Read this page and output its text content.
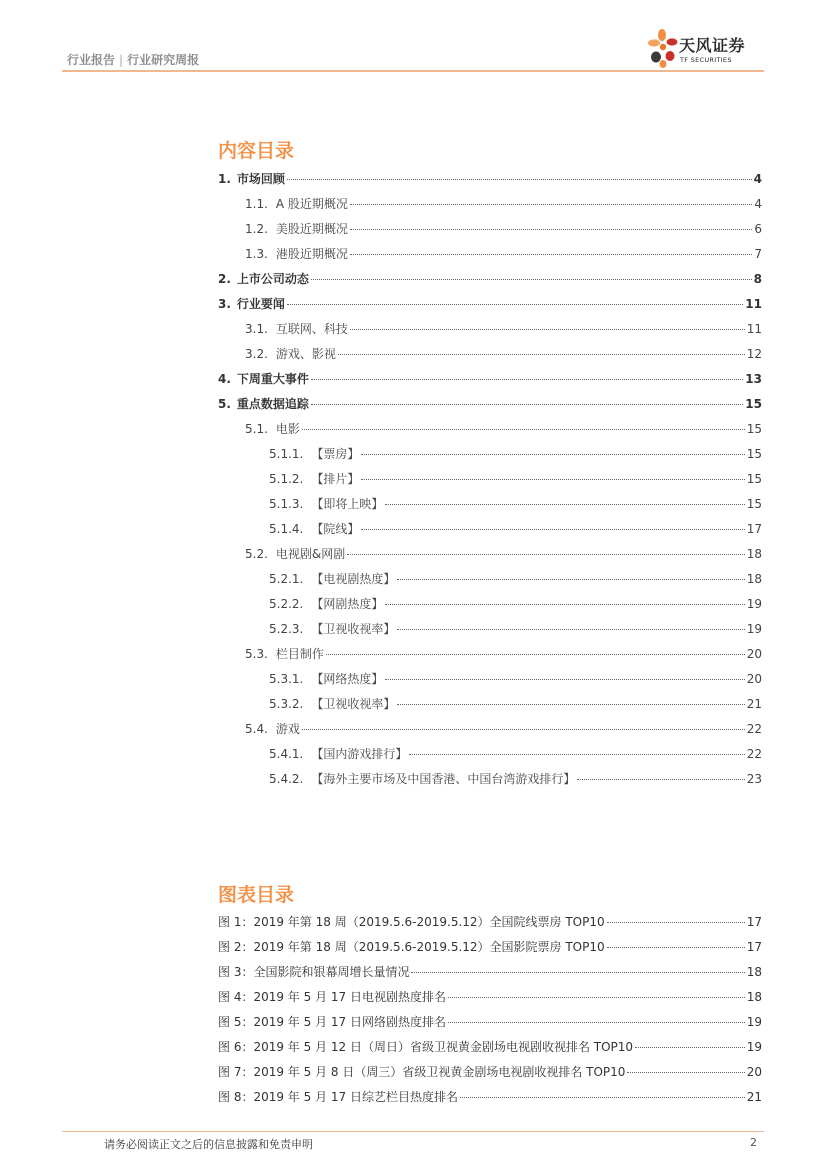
行业报告 | 行业研究周报
天风证券
TF SECURITIES
内容目录
1. 市场回顾	4
1.1. A 股近期概况	4
1.2. 美股近期概况	6
1.3. 港股近期概况	7
2. 上市公司动态	8
3. 行业要闻	11
3.1. 互联网、科技	11
3.2. 游戏、影视	12
4. 下周重大事件	13
5. 重点数据追踪	15
5.1. 电影	15
5.1.1. 【票房】	15
5.1.2. 【排片】	15
5.1.3. 【即将上映】	15
5.1.4. 【院线】	17
5.2. 电视剧&网剧	18
5.2.1. 【电视剧热度】	18
5.2.2. 【网剧热度】	19
5.2.3. 【卫视收视率】	19
5.3. 栏目制作	20
5.3.1. 【网络热度】	20
5.3.2. 【卫视收视率】	21
5.4. 游戏	22
5.4.1. 【国内游戏排行】	22
5.4.2. 【海外主要市场及中国香港、中国台湾游戏排行】	23
图表目录
图 1：2019 年第 18 周（2019.5.6-2019.5.12）全国院线票房 TOP10	17
图 2：2019 年第 18 周（2019.5.6-2019.5.12）全国影院票房 TOP10	17
图 3：全国影院和银幕周增长量情况	18
图 4：2019 年 5 月 17 日电视剧热度排名	18
图 5：2019 年 5 月 17 日网络剧热度排名	19
图 6：2019 年 5 月 12 日（周日）省级卫视黄金剧场电视剧收视排名 TOP10	19
图 7：2019 年 5 月 8 日（周三）省级卫视黄金剧场电视剧收视排名 TOP10	20
图 8：2019 年 5 月 17 日综艺栏目热度排名	21
请务必阅读正文之后的信息披露和免责申明	2
